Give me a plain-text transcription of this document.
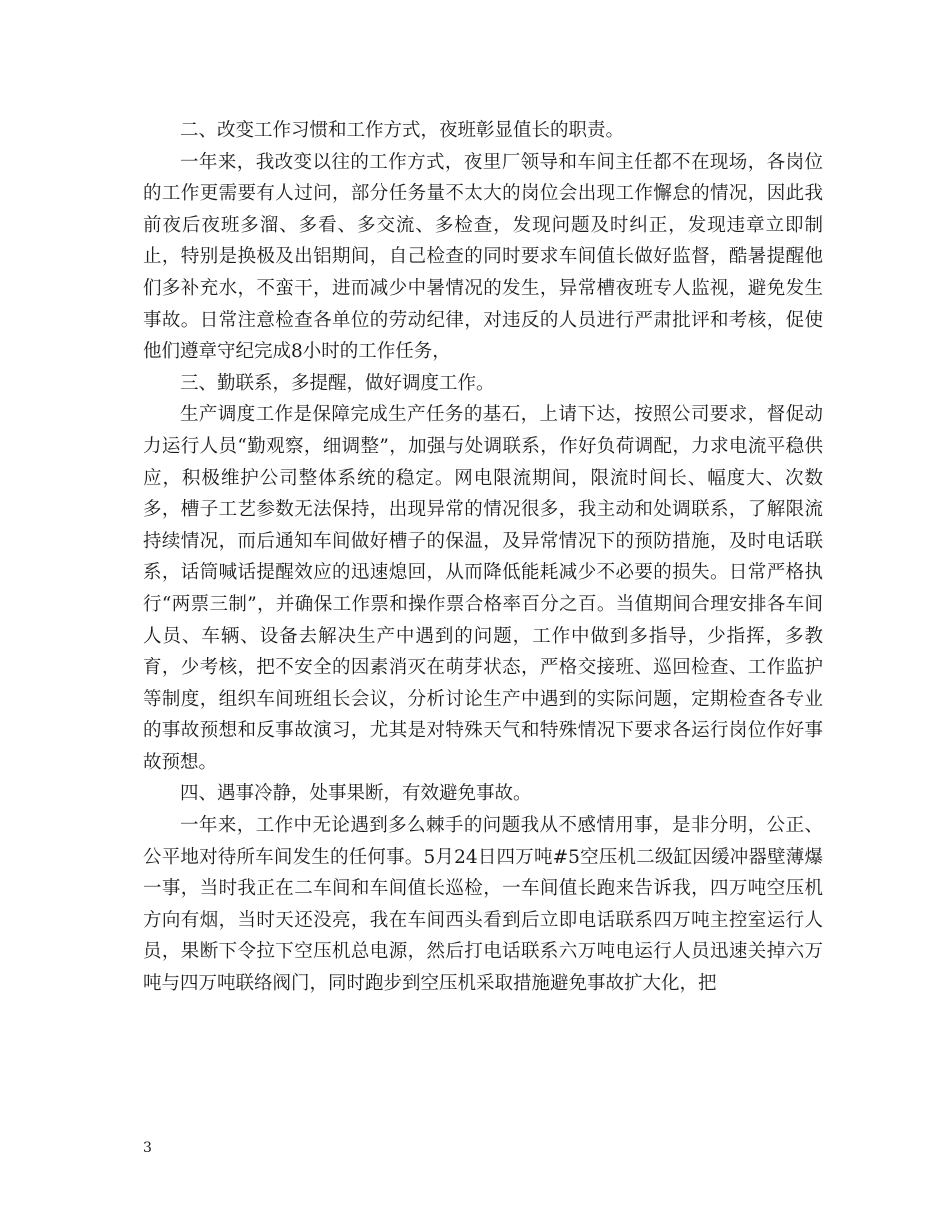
二、改变工作习惯和工作方式，夜班彰显值长的职责。

一年来，我改变以往的工作方式，夜里厂领导和车间主任都不在现场，各岗位的工作更需要有人过问，部分任务量不太大的岗位会出现工作懈怠的情况，因此我前夜后夜班多溜、多看、多交流、多检查，发现问题及时纠正，发现违章立即制止，特别是换极及出铝期间，自己检查的同时要求车间值长做好监督，酷暑提醒他们多补充水，不蛮干，进而减少中暑情况的发生，异常槽夜班专人监视，避免发生事故。日常注意检查各单位的劳动纪律，对违反的人员进行严肃批评和考核，促使他们遵章守纪完成8小时的工作任务，

三、勤联系，多提醒，做好调度工作。

生产调度工作是保障完成生产任务的基石，上请下达，按照公司要求，督促动力运行人员“勤观察，细调整”，加强与处调联系，作好负荷调配，力求电流平稳供应，积极维护公司整体系统的稳定。网电限流期间，限流时间长、幅度大、次数多，槽子工艺参数无法保持，出现异常的情况很多，我主动和处调联系，了解限流持续情况，而后通知车间做好槽子的保温，及异常情况下的预防措施，及时电话联系，话筒喊话提醒效应的迅速熄回，从而降低能耗减少不必要的损失。日常严格执行“两票三制”，并确保工作票和操作票合格率百分之百。当值期间合理安排各车间人员、车辆、设备去解决生产中遇到的问题，工作中做到多指导，少指挥，多教育，少考核，把不安全的因素消灭在萌芽状态，严格交接班、巡回检查、工作监护等制度，组织车间班组长会议，分析讨论生产中遇到的实际问题，定期检查各专业的事故预想和反事故演习，尤其是对特殊天气和特殊情况下要求各运行岗位作好事故预想。

四、遇事冷静，处事果断，有效避免事故。

一年来，工作中无论遇到多么棘手的问题我从不感情用事，是非分明，公正、公平地对待所车间发生的任何事。5月24日四万吨#5空压机二级缸因缓冲器壁薄爆一事，当时我正在二车间和车间值长巡检，一车间值长跑来告诉我，四万吨空压机方向有烟，当时天还没亮，我在车间西头看到后立即电话联系四万吨主控室运行人员，果断下令拉下空压机总电源，然后打电话联系六万吨电运行人员迅速关掉六万吨与四万吨联络阀门，同时跑步到空压机采取措施避免事故扩大化，把

3
